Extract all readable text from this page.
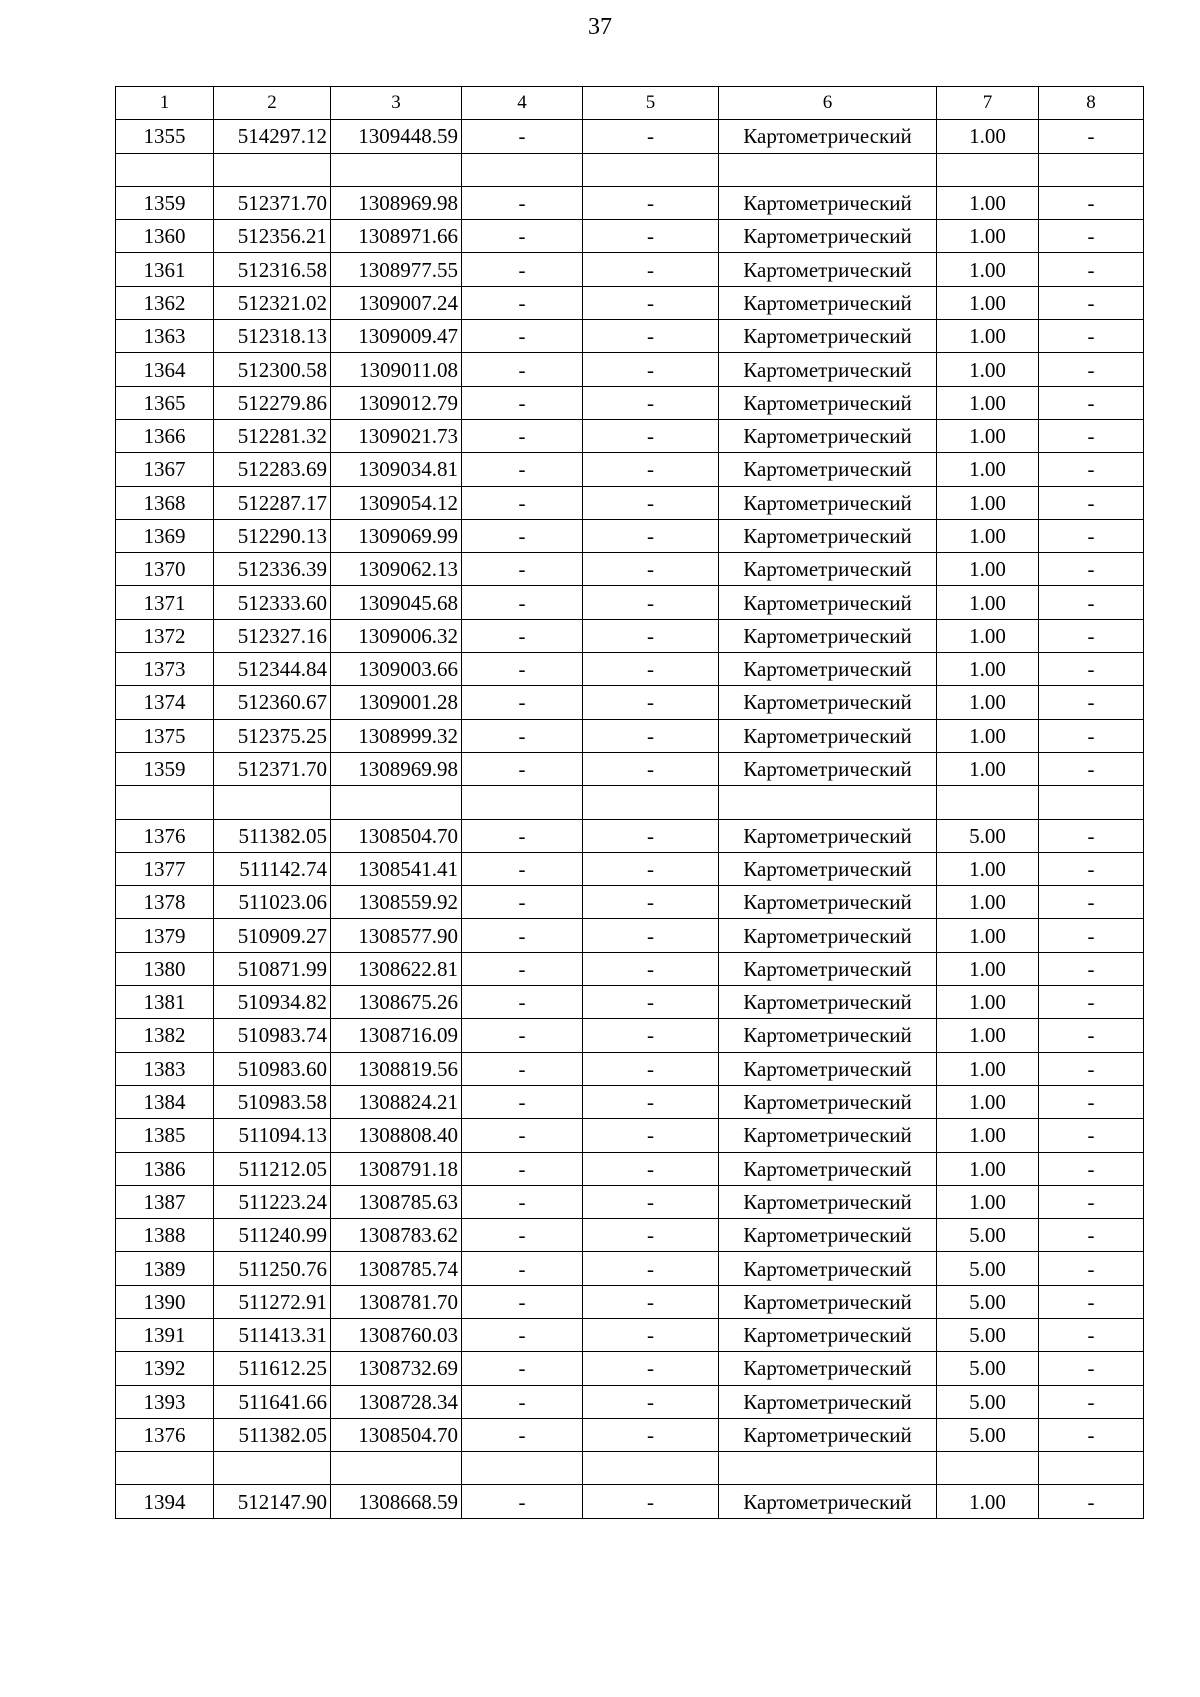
37
1	2	3	4	5	6	7	8
1355	514297.12	1309448.59	-	-	Картометрический	1.00	-

1359	512371.70	1308969.98	-	-	Картометрический	1.00	-
1360	512356.21	1308971.66	-	-	Картометрический	1.00	-
1361	512316.58	1308977.55	-	-	Картометрический	1.00	-
1362	512321.02	1309007.24	-	-	Картометрический	1.00	-
1363	512318.13	1309009.47	-	-	Картометрический	1.00	-
1364	512300.58	1309011.08	-	-	Картометрический	1.00	-
1365	512279.86	1309012.79	-	-	Картометрический	1.00	-
1366	512281.32	1309021.73	-	-	Картометрический	1.00	-
1367	512283.69	1309034.81	-	-	Картометрический	1.00	-
1368	512287.17	1309054.12	-	-	Картометрический	1.00	-
1369	512290.13	1309069.99	-	-	Картометрический	1.00	-
1370	512336.39	1309062.13	-	-	Картометрический	1.00	-
1371	512333.60	1309045.68	-	-	Картометрический	1.00	-
1372	512327.16	1309006.32	-	-	Картометрический	1.00	-
1373	512344.84	1309003.66	-	-	Картометрический	1.00	-
1374	512360.67	1309001.28	-	-	Картометрический	1.00	-
1375	512375.25	1308999.32	-	-	Картометрический	1.00	-
1359	512371.70	1308969.98	-	-	Картометрический	1.00	-

1376	511382.05	1308504.70	-	-	Картометрический	5.00	-
1377	511142.74	1308541.41	-	-	Картометрический	1.00	-
1378	511023.06	1308559.92	-	-	Картометрический	1.00	-
1379	510909.27	1308577.90	-	-	Картометрический	1.00	-
1380	510871.99	1308622.81	-	-	Картометрический	1.00	-
1381	510934.82	1308675.26	-	-	Картометрический	1.00	-
1382	510983.74	1308716.09	-	-	Картометрический	1.00	-
1383	510983.60	1308819.56	-	-	Картометрический	1.00	-
1384	510983.58	1308824.21	-	-	Картометрический	1.00	-
1385	511094.13	1308808.40	-	-	Картометрический	1.00	-
1386	511212.05	1308791.18	-	-	Картометрический	1.00	-
1387	511223.24	1308785.63	-	-	Картометрический	1.00	-
1388	511240.99	1308783.62	-	-	Картометрический	5.00	-
1389	511250.76	1308785.74	-	-	Картометрический	5.00	-
1390	511272.91	1308781.70	-	-	Картометрический	5.00	-
1391	511413.31	1308760.03	-	-	Картометрический	5.00	-
1392	511612.25	1308732.69	-	-	Картометрический	5.00	-
1393	511641.66	1308728.34	-	-	Картометрический	5.00	-
1376	511382.05	1308504.70	-	-	Картометрический	5.00	-

1394	512147.90	1308668.59	-	-	Картометрический	1.00	-
